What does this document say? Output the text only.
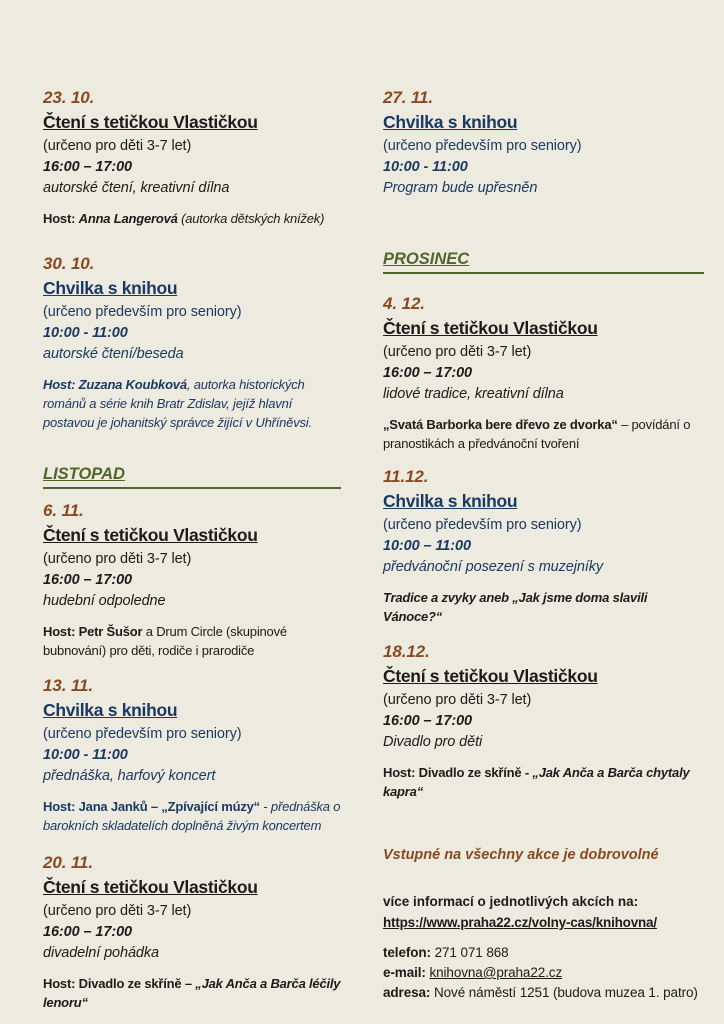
23. 10.
Čtení s tetičkou Vlastičkou
(určeno pro děti 3-7 let)
16:00 – 17:00
autorské čtení, kreativní dílna
Host: Anna Langerová (autorka dětských knížek)
30. 10.
Chvilka s knihou
(určeno především pro seniory)
10:00 - 11:00
autorské čtení/beseda
Host: Zuzana Koubková, autorka historických románů a série knih Bratr Zdislav, jejíž hlavní postavou je johanitský správce žijící v Uhříněvsi.
LISTOPAD
6. 11.
Čtení s tetičkou Vlastičkou
(určeno pro děti 3-7 let)
16:00 – 17:00
hudební odpoledne
Host: Petr Šušor a Drum Circle (skupinové bubnování) pro děti, rodiče i prarodiče
13. 11.
Chvilka s knihou
(určeno především pro seniory)
10:00 - 11:00
přednáška, harfový koncert
Host: Jana Janků – „Zpívající múzy“ - přednáška o barokních skladatelích doplněná živým koncertem
20. 11.
Čtení s tetičkou Vlastičkou
(určeno pro děti 3-7 let)
16:00 – 17:00
divadelní pohádka
Host: Divadlo ze skříně – „Jak Anča a Barča léčily lenoru“
27. 11.
Chvilka s knihou
(určeno především pro seniory)
10:00 - 11:00
Program bude upřesněn
PROSINEC
4. 12.
Čtení s tetičkou Vlastičkou
(určeno pro děti 3-7 let)
16:00 – 17:00
lidové tradice, kreativní dílna
„Svatá Barborka bere dřevo ze dvorka“ – povídání o pranostikách a předvánoční tvoření
11.12.
Chvilka s knihou
(určeno především pro seniory)
10:00 – 11:00
předvánoční posezení s muzejníky
Tradice a zvyky aneb „Jak jsme doma slavili Vánoce?“
18.12.
Čtení s tetičkou Vlastičkou
(určeno pro děti 3-7 let)
16:00 – 17:00
Divadlo pro děti
Host: Divadlo ze skříně - „Jak Anča a Barča chytaly kapra“
Vstupné na všechny akce je dobrovolné
více informací o jednotlivých akcích na:
https://www.praha22.cz/volny-cas/knihovna/
telefon: 271 071 868
e-mail: knihovna@praha22.cz
adresa: Nové náměstí 1251 (budova muzea 1. patro)
